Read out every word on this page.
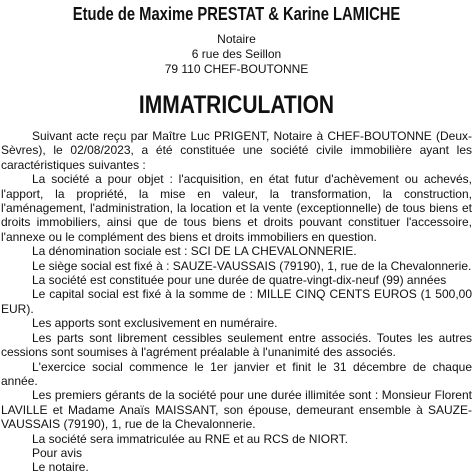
Etude de Maxime PRESTAT & Karine LAMICHE
Notaire
6 rue des Seillon
79 110 CHEF-BOUTONNE
IMMATRICULATION

Suivant acte reçu par Maître Luc PRIGENT, Notaire à CHEF-BOUTONNE (Deux-Sèvres), le 02/08/2023, a été constituée une société civile immobilière ayant les caractéristiques suivantes :

La société a pour objet : l'acquisition, en état futur d'achèvement ou achevés, l'apport, la propriété, la mise en valeur, la transformation, la construction, l'aménagement, l'administration, la location et la vente (exceptionnelle) de tous biens et droits immobiliers, ainsi que de tous biens et droits pouvant constituer l'accessoire, l'annexe ou le complément des biens et droits immobiliers en question.

La dénomination sociale est : SCI DE LA CHEVALONNERIE.

Le siège social est fixé à : SAUZE-VAUSSAIS (79190), 1, rue de la Chevalonnerie.

La société est constituée pour une durée de quatre-vingt-dix-neuf (99) années

Le capital social est fixé à la somme de : MILLE CINQ CENTS EUROS (1 500,00 EUR).

Les apports sont exclusivement en numéraire.

Les parts sont librement cessibles seulement entre associés. Toutes les autres cessions sont soumises à l'agrément préalable à l'unanimité des associés.

L'exercice social commence le 1er janvier et finit le 31 décembre de chaque année.

Les premiers gérants de la société pour une durée illimitée sont : Monsieur Florent LAVILLE et Madame Anaïs MAISSANT, son épouse, demeurant ensemble à SAUZE-VAUSSAIS (79190), 1, rue de la Chevalonnerie.

La société sera immatriculée au RNE et au RCS de NIORT.

Pour avis

Le notaire.
